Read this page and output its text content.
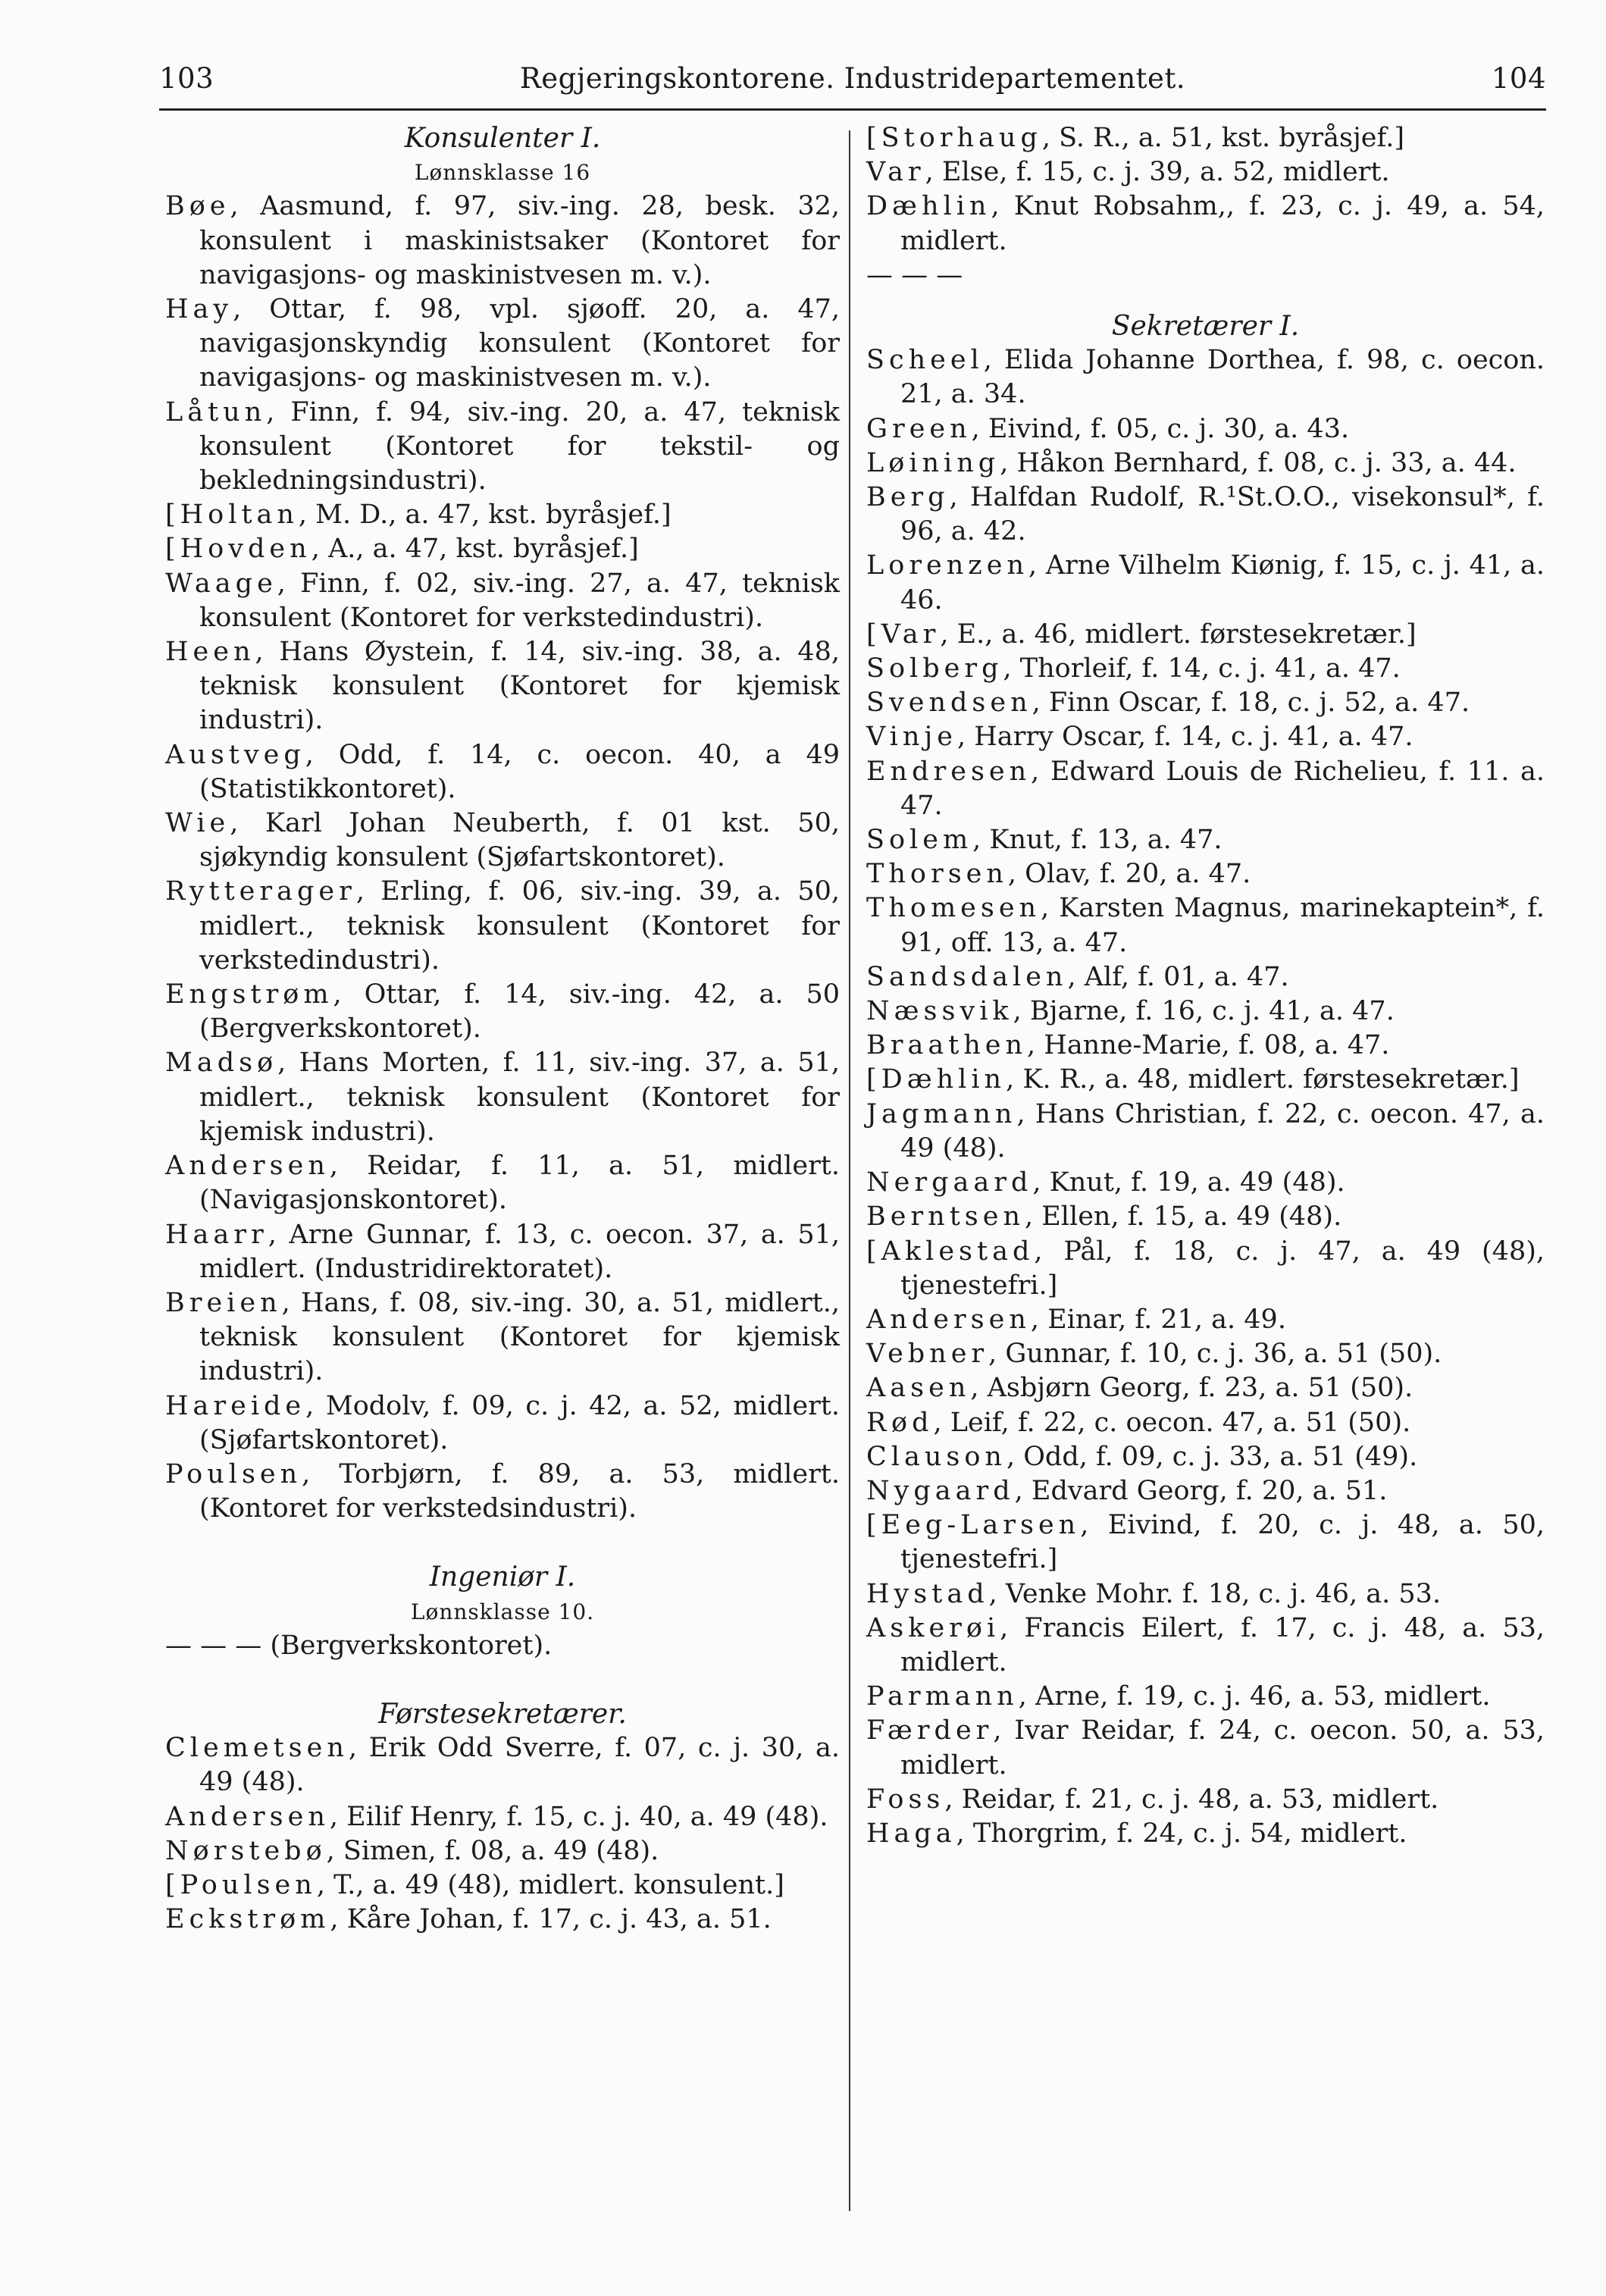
103	Regjeringskontorene. Industridepartementet.	104

Konsulenter I.

Lønnsklasse 16

Bøe, Aasmund, f. 97, siv.-ing. 28, besk. 32, konsulent i maskinistsaker (Kontoret for navigasjons- og maskinistvesen m. v.).

Hay, Ottar, f. 98, vpl. sjøoff. 20, a. 47, navigasjonskyndig konsulent (Kontoret for navigasjons- og maskinistvesen m. v.).

Låtun, Finn, f. 94, siv.-ing. 20, a. 47, teknisk konsulent (Kontoret for tekstil- og bekledningsindustri).

[Holtan, M. D., a. 47, kst. byråsjef.]

[Hovden, A., a. 47, kst. byråsjef.]

Waage, Finn, f. 02, siv.-ing. 27, a. 47, teknisk konsulent (Kontoret for verkstedindustri).

Heen, Hans Øystein, f. 14, siv.-ing. 38, a. 48, teknisk konsulent (Kontoret for kjemisk industri).

Austveg, Odd, f. 14, c. oecon. 40, a 49 (Statistikkontoret).

Wie, Karl Johan Neuberth, f. 01 kst. 50, sjøkyndig konsulent (Sjøfartskontoret).

Rytterager, Erling, f. 06, siv.-ing. 39, a. 50, midlert., teknisk konsulent (Kontoret for verkstedindustri).

Engstrøm, Ottar, f. 14, siv.-ing. 42, a. 50 (Bergverkskontoret).

Madsø, Hans Morten, f. 11, siv.-ing. 37, a. 51, midlert., teknisk konsulent (Kontoret for kjemisk industri).

Andersen, Reidar, f. 11, a. 51, midlert. (Navigasjonskontoret).

Haarr, Arne Gunnar, f. 13, c. oecon. 37, a. 51, midlert. (Industridirektoratet).

Breien, Hans, f. 08, siv.-ing. 30, a. 51, midlert., teknisk konsulent (Kontoret for kjemisk industri).

Hareide, Modolv, f. 09, c. j. 42, a. 52, midlert. (Sjøfartskontoret).

Poulsen, Torbjørn, f. 89, a. 53, midlert. (Kontoret for verkstedsindustri).

Ingeniør I.

Lønnsklasse 10.

— — — (Bergverkskontoret).

Førstesekretærer.

Clemetsen, Erik Odd Sverre, f. 07, c. j. 30, a. 49 (48).

Andersen, Eilif Henry, f. 15, c. j. 40, a. 49 (48).

Nørstebø, Simen, f. 08, a. 49 (48).

[Poulsen, T., a. 49 (48), midlert. konsulent.]

Eckstrøm, Kåre Johan, f. 17, c. j. 43, a. 51.

[Storhaug, S. R., a. 51, kst. byråsjef.]

Var, Else, f. 15, c. j. 39, a. 52, midlert.

Dæhlin, Knut Robsahm,, f. 23, c. j. 49, a. 54, midlert.

— — —

Sekretærer I.

Scheel, Elida Johanne Dorthea, f. 98, c. oecon. 21, a. 34.

Green, Eivind, f. 05, c. j. 30, a. 43.

Løining, Håkon Bernhard, f. 08, c. j. 33, a. 44.

Berg, Halfdan Rudolf, R.¹St.O.O., visekonsul*, f. 96, a. 42.

Lorenzen, Arne Vilhelm Kiønig, f. 15, c. j. 41, a. 46.

[Var, E., a. 46, midlert. førstesekretær.]

Solberg, Thorleif, f. 14, c. j. 41, a. 47.

Svendsen, Finn Oscar, f. 18, c. j. 52, a. 47.

Vinje, Harry Oscar, f. 14, c. j. 41, a. 47.

Endresen, Edward Louis de Richelieu, f. 11. a. 47.

Solem, Knut, f. 13, a. 47.

Thorsen, Olav, f. 20, a. 47.

Thomesen, Karsten Magnus, marinekaptein*, f. 91, off. 13, a. 47.

Sandsdalen, Alf, f. 01, a. 47.

Næssvik, Bjarne, f. 16, c. j. 41, a. 47.

Braathen, Hanne-Marie, f. 08, a. 47.

[Dæhlin, K. R., a. 48, midlert. førstesekretær.]

Jagmann, Hans Christian, f. 22, c. oecon. 47, a. 49 (48).

Nergaard, Knut, f. 19, a. 49 (48).

Berntsen, Ellen, f. 15, a. 49 (48).

[Aklestad, Pål, f. 18, c. j. 47, a. 49 (48), tjenestefri.]

Andersen, Einar, f. 21, a. 49.

Vebner, Gunnar, f. 10, c. j. 36, a. 51 (50).

Aasen, Asbjørn Georg, f. 23, a. 51 (50).

Rød, Leif, f. 22, c. oecon. 47, a. 51 (50).

Clauson, Odd, f. 09, c. j. 33, a. 51 (49).

Nygaard, Edvard Georg, f. 20, a. 51.

[Eeg-Larsen, Eivind, f. 20, c. j. 48, a. 50, tjenestefri.]

Hystad, Venke Mohr. f. 18, c. j. 46, a. 53.

Askerøi, Francis Eilert, f. 17, c. j. 48, a. 53, midlert.

Parmann, Arne, f. 19, c. j. 46, a. 53, midlert.

Færder, Ivar Reidar, f. 24, c. oecon. 50, a. 53, midlert.

Foss, Reidar, f. 21, c. j. 48, a. 53, midlert.

Haga, Thorgrim, f. 24, c. j. 54, midlert.
